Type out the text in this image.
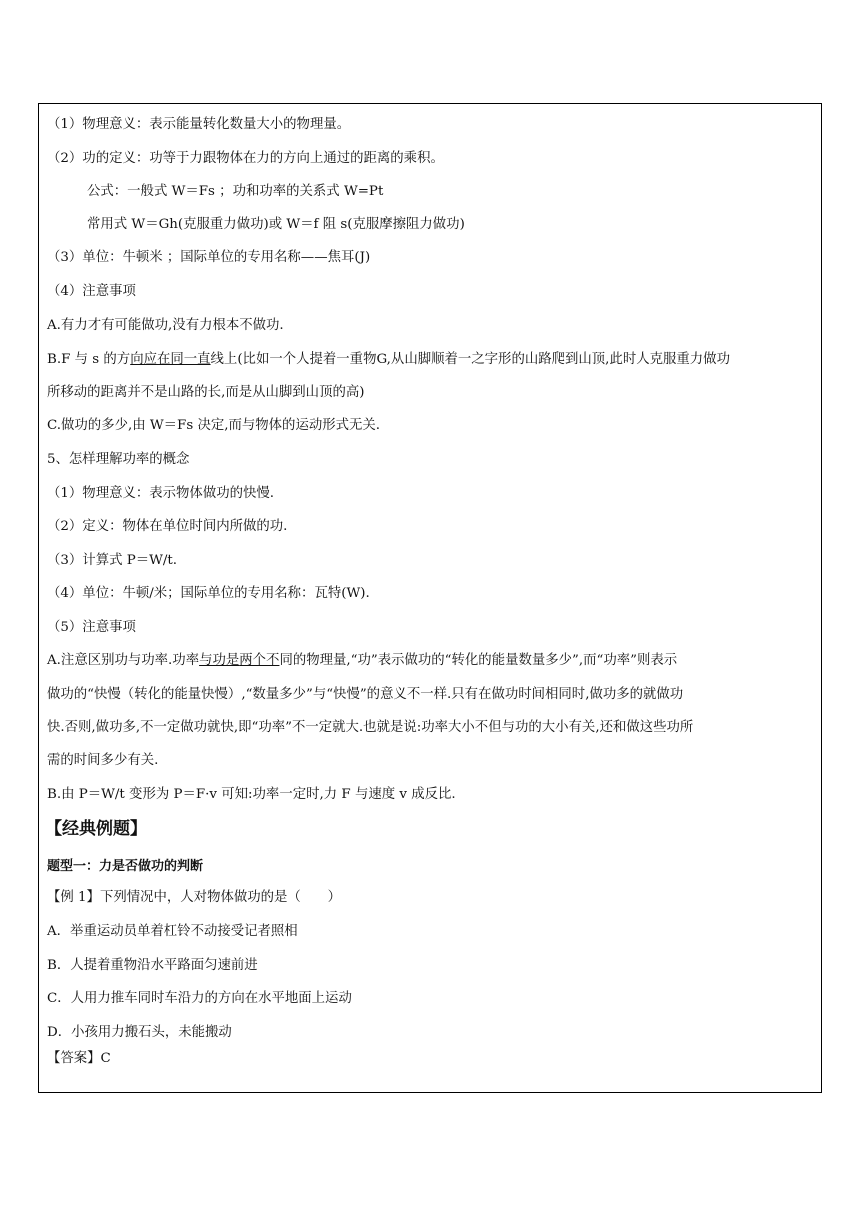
（1）物理意义：表示能量转化数量大小的物理量。
（2）功的定义：功等于力跟物体在力的方向上通过的距离的乘积。
公式：一般式 W＝Fs ；功和功率的关系式 W=Pt
常用式 W＝Gh(克服重力做功)或 W＝f 阻 s(克服摩擦阻力做功)
（3）单位：牛顿米 ；国际单位的专用名称——焦耳(J)
（4）注意事项
A.有力才有可能做功,没有力根本不做功.
B.F 与 s 的方向应在同一直线上(比如一个人提着一重物G,从山脚顺着一之字形的山路爬到山顶,此时人克服重力做功
所移动的距离并不是山路的长,而是从山脚到山顶的高)
C.做功的多少,由 W＝Fs 决定,而与物体的运动形式无关.
5、怎样理解功率的概念
（1）物理意义：表示物体做功的快慢.
（2）定义：物体在单位时间内所做的功.
（3）计算式 P＝W/t.
（4）单位：牛顿/米；国际单位的专用名称：瓦特(W).
（5）注意事项
A.注意区别功与功率.功率与功是两个不同的物理量,“功”表示做功的“转化的能量数量多少”,而“功率”则表示
做功的“快慢（转化的能量快慢）,“数量多少”与“快慢”的意义不一样.只有在做功时间相同时,做功多的就做功
快.否则,做功多,不一定做功就快,即“功率”不一定就大.也就是说:功率大小不但与功的大小有关,还和做这些功所
需的时间多少有关.
B.由 P＝W/t 变形为 P＝F·v 可知:功率一定时,力 F 与速度 v 成反比.
【经典例题】
题型一：力是否做功的判断
【例 1】下列情况中，人对物体做功的是（　　）
A．举重运动员单着杠铃不动接受记者照相
B．人提着重物沿水平路面匀速前进
C．人用力推车同时车沿力的方向在水平地面上运动
D．小孩用力搬石头，未能搬动
【答案】C
